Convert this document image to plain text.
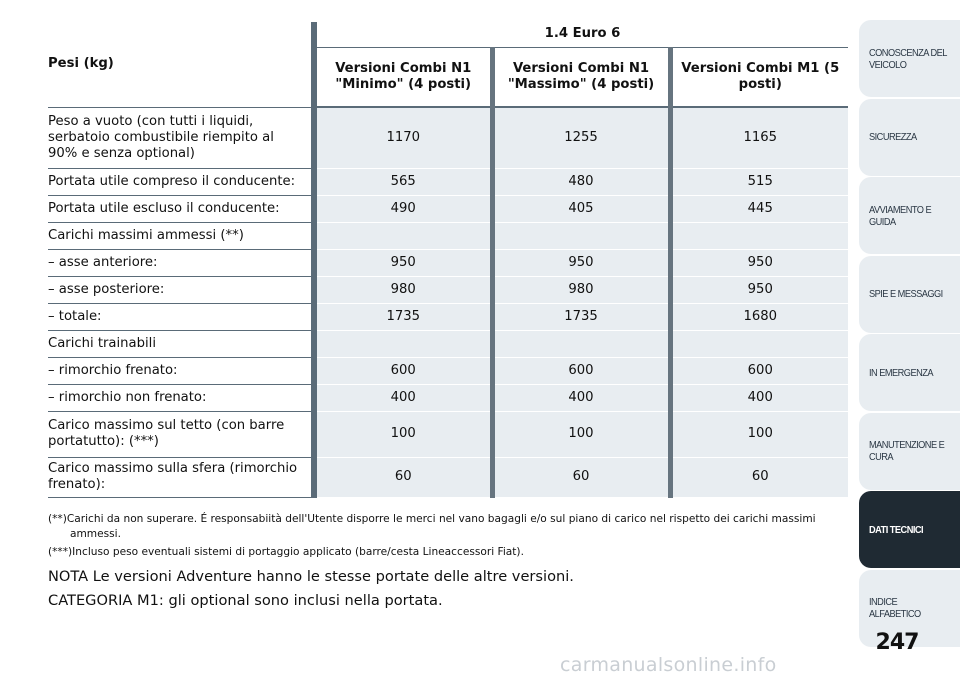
Pesi (kg)	1.4 Euro 6		
	Versioni Combi N1 "Minimo" (4 posti)	Versioni Combi N1 "Massimo" (4 posti)	Versioni Combi M1 (5 posti)
Peso a vuoto (con tutti i liquidi, serbatoio combustibile riempito al 90% e senza optional)	1170	1255	1165
Portata utile compreso il conducente:	565	480	515
Portata utile escluso il conducente:	490	405	445
Carichi massimi ammessi (**)			
– asse anteriore:	950	950	950
– asse posteriore:	980	980	950
– totale:	1735	1735	1680
Carichi trainabili			
– rimorchio frenato:	600	600	600
– rimorchio non frenato:	400	400	400
Carico massimo sul tetto (con barre portatutto): (***)	100	100	100
Carico massimo sulla sfera (rimorchio frenato):	60	60	60
(**)Carichi da non superare. É responsabiità dell'Utente disporre le merci nel vano bagagli e/o sul piano di carico nel rispetto dei carichi massimi ammessi.
(***)Incluso peso eventuali sistemi di portaggio applicato (barre/cesta Lineaccessori Fiat).
NOTA Le versioni Adventure hanno le stesse portate delle altre versioni.
CATEGORIA M1: gli optional sono inclusi nella portata.
CONOSCENZA DEL VEICOLO
SICUREZZA
AVVIAMENTO E GUIDA
SPIE E MESSAGGI
IN EMERGENZA
MANUTENZIONE E CURA
DATI TECNICI
INDICE ALFABETICO
247
carmanualsonline.info
